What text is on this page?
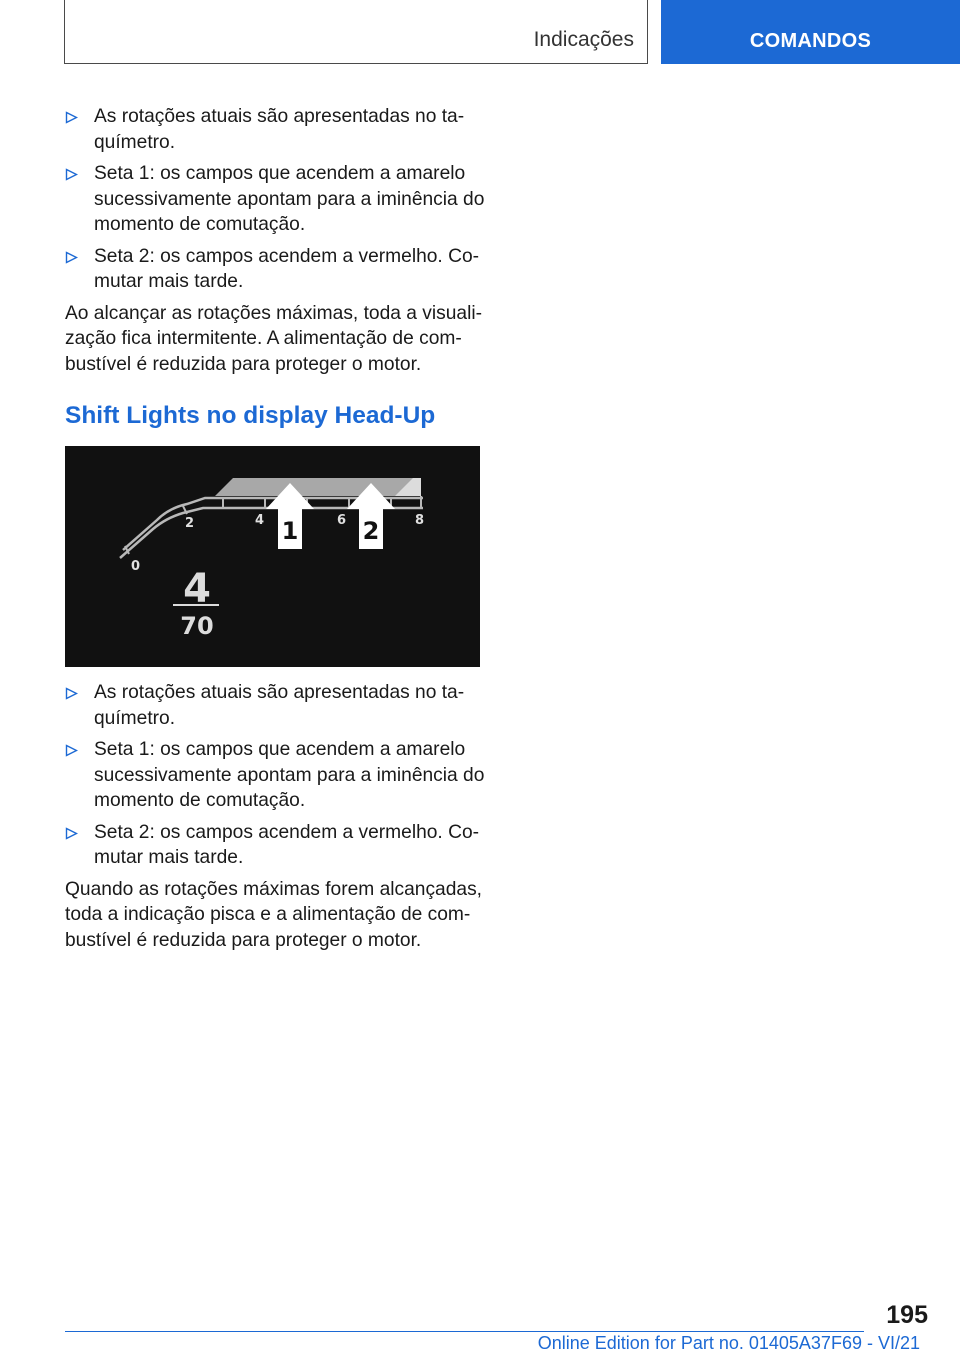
Indicações	COMANDOS
As rotações atuais são apresentadas no taquímetro.
Seta 1: os campos que acendem a amarelo sucessivamente apontam para a iminência do momento de comutação.
Seta 2: os campos acendem a vermelho. Comutar mais tarde.

Ao alcançar as rotações máximas, toda a visualização fica intermitente. A alimentação de combustível é reduzida para proteger o motor.

Shift Lights no display Head-Up
0
2	4	6	8
1	2
4
70
As rotações atuais são apresentadas no taquímetro.
Seta 1: os campos que acendem a amarelo sucessivamente apontam para a iminência do momento de comutação.
Seta 2: os campos acendem a vermelho. Comutar mais tarde.

Quando as rotações máximas forem alcançadas, toda a indicação pisca e a alimentação de combustível é reduzida para proteger o motor.

195
Online Edition for Part no. 01405A37F69 - VI/21
